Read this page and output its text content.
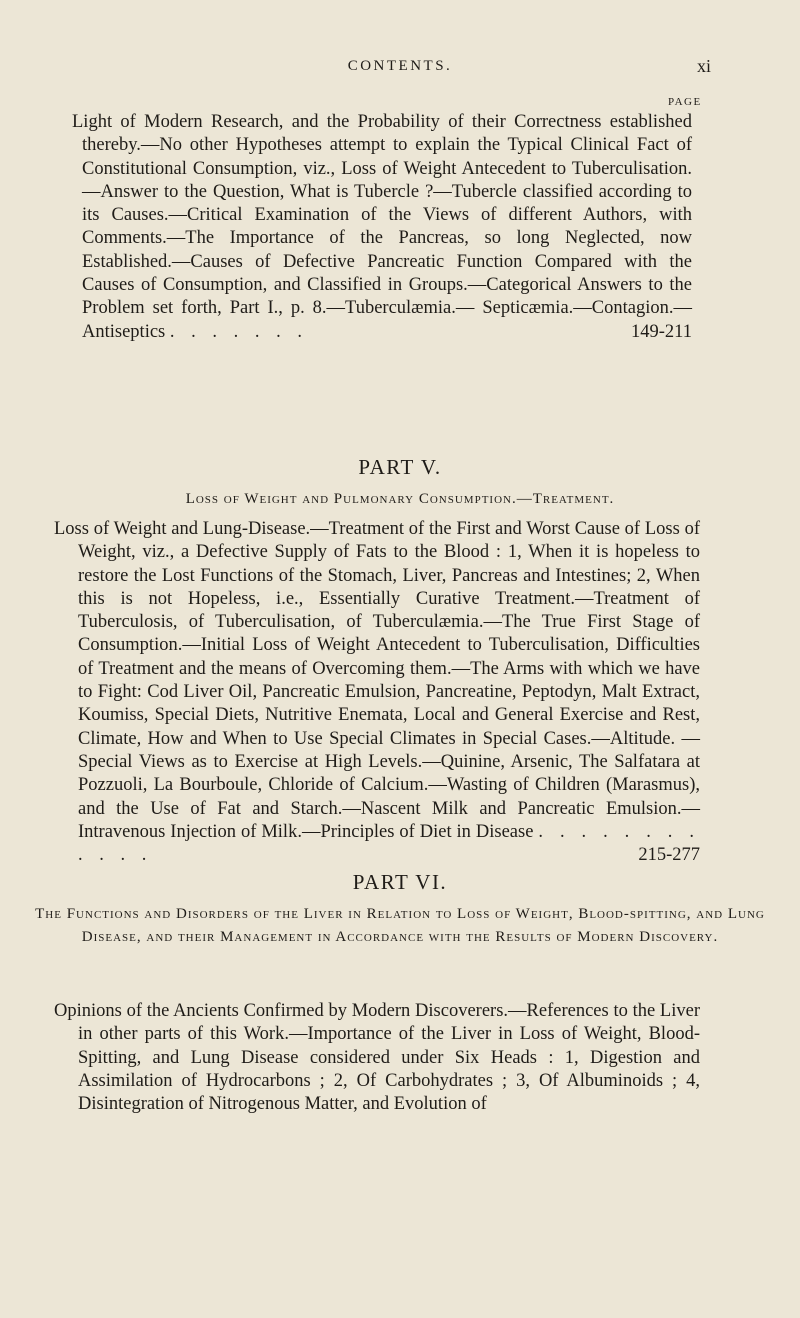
CONTENTS.	xi
PAGE
Light of Modern Research, and the Probability of their Correctness established thereby.—No other Hypotheses attempt to explain the Typical Clinical Fact of Constitutional Consumption, viz., Loss of Weight Antecedent to Tuberculisation.—Answer to the Question, What is Tubercle ?—Tubercle classified according to its Causes.—Critical Examination of the Views of different Authors, with Comments.—The Importance of the Pancreas, so long Neglected, now Established.—Causes of Defective Pancreatic Function Compared with the Causes of Consumption, and Classified in Groups.—Categorical Answers to the Problem set forth, Part I., p. 8.—Tuberculæmia.— Septicæmia.—Contagion.—Antiseptics . . . . . . .	149-211
PART V.
Loss of Weight and Pulmonary Consumption.—Treatment.
Loss of Weight and Lung-Disease.—Treatment of the First and Worst Cause of Loss of Weight, viz., a Defective Supply of Fats to the Blood : 1, When it is hopeless to restore the Lost Functions of the Stomach, Liver, Pancreas and Intestines; 2, When this is not Hopeless, i.e., Essentially Curative Treatment.—Treatment of Tuberculosis, of Tuberculisation, of Tuberculæmia.—The True First Stage of Consumption.—Initial Loss of Weight Antecedent to Tuberculisation, Difficulties of Treatment and the means of Overcoming them.—The Arms with which we have to Fight: Cod Liver Oil, Pancreatic Emulsion, Pancreatine, Peptodyn, Malt Extract, Koumiss, Special Diets, Nutritive Enemata, Local and General Exercise and Rest, Climate, How and When to Use Special Climates in Special Cases.—Altitude. —Special Views as to Exercise at High Levels.—Quinine, Arsenic, The Salfatara at Pozzuoli, La Bourboule, Chloride of Calcium.—Wasting of Children (Marasmus), and the Use of Fat and Starch.—Nascent Milk and Pancreatic Emulsion.—Intravenous Injection of Milk.—Principles of Diet in Disease . . . . . . . . . . . .	215-277
PART VI.
The Functions and Disorders of the Liver in Relation to Loss of Weight, Blood-spitting, and Lung Disease, and their Management in Accordance with the Results of Modern Discovery.
Opinions of the Ancients Confirmed by Modern Discoverers.—References to the Liver in other parts of this Work.—Importance of the Liver in Loss of Weight, Blood-Spitting, and Lung Disease considered under Six Heads : 1, Digestion and Assimilation of Hydrocarbons ; 2, Of Carbohydrates ; 3, Of Albuminoids ; 4, Disintegration of Nitrogenous Matter, and Evolution of
